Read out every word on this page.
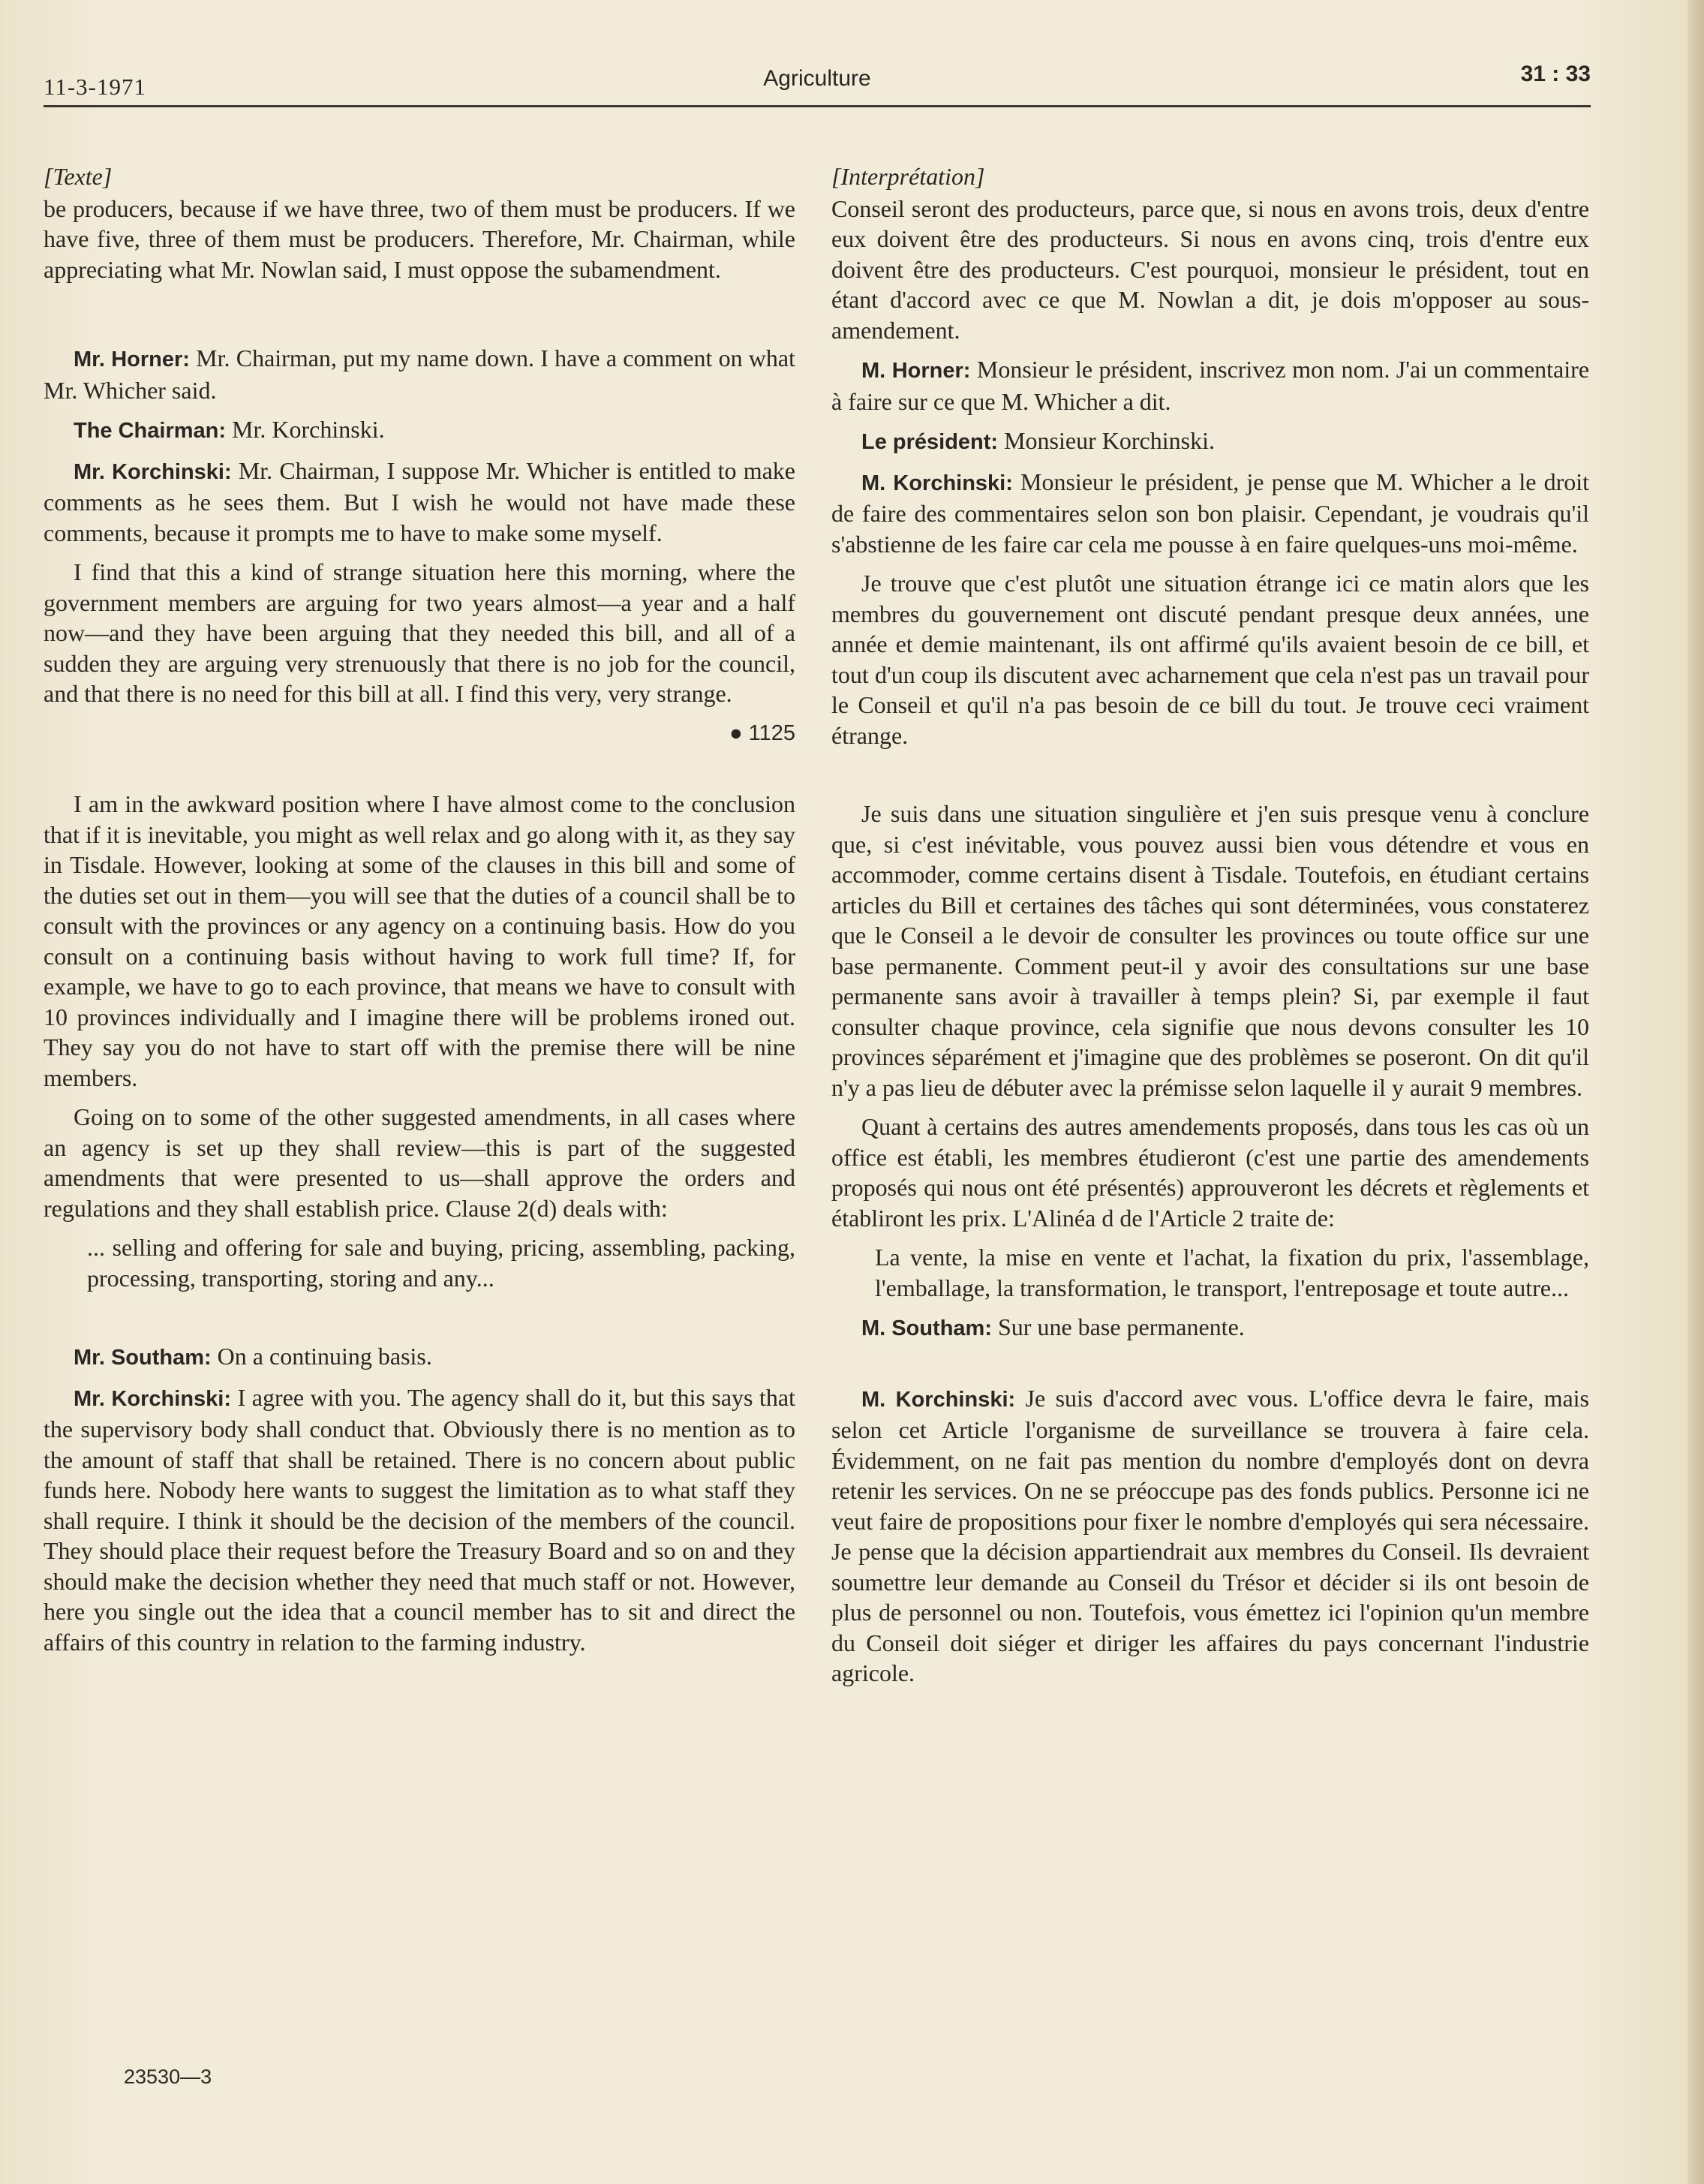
11-3-1971	Agriculture	31 : 33

[Texte]

be producers, because if we have three, two of them must be producers. If we have five, three of them must be producers. Therefore, Mr. Chairman, while appreciating what Mr. Nowlan said, I must oppose the subamendment.

Mr. Horner: Mr. Chairman, put my name down. I have a comment on what Mr. Whicher said.

The Chairman: Mr. Korchinski.

Mr. Korchinski: Mr. Chairman, I suppose Mr. Whicher is entitled to make comments as he sees them. But I wish he would not have made these comments, because it prompts me to have to make some myself.

I find that this a kind of strange situation here this morning, where the government members are arguing for two years almost—a year and a half now—and they have been arguing that they needed this bill, and all of a sudden they are arguing very strenuously that there is no job for the council, and that there is no need for this bill at all. I find this very, very strange.

● 1125

I am in the awkward position where I have almost come to the conclusion that if it is inevitable, you might as well relax and go along with it, as they say in Tisdale. However, looking at some of the clauses in this bill and some of the duties set out in them—you will see that the duties of a council shall be to consult with the provinces or any agency on a continuing basis. How do you consult on a continuing basis without having to work full time? If, for example, we have to go to each province, that means we have to consult with 10 provinces individually and I imagine there will be problems ironed out. They say you do not have to start off with the premise there will be nine members.

Going on to some of the other suggested amendments, in all cases where an agency is set up they shall review—this is part of the suggested amendments that were presented to us—shall approve the orders and regulations and they shall establish price. Clause 2(d) deals with:

... selling and offering for sale and buying, pricing, assembling, packing, processing, transporting, storing and any...

Mr. Southam: On a continuing basis.

Mr. Korchinski: I agree with you. The agency shall do it, but this says that the supervisory body shall conduct that. Obviously there is no mention as to the amount of staff that shall be retained. There is no concern about public funds here. Nobody here wants to suggest the limitation as to what staff they shall require. I think it should be the decision of the members of the council. They should place their request before the Treasury Board and so on and they should make the decision whether they need that much staff or not. However, here you single out the idea that a council member has to sit and direct the affairs of this country in relation to the farming industry.

23530—3

[Interprétation]

Conseil seront des producteurs, parce que, si nous en avons trois, deux d'entre eux doivent être des producteurs. Si nous en avons cinq, trois d'entre eux doivent être des producteurs. C'est pourquoi, monsieur le président, tout en étant d'accord avec ce que M. Nowlan a dit, je dois m'opposer au sous-amendement.

M. Horner: Monsieur le président, inscrivez mon nom. J'ai un commentaire à faire sur ce que M. Whicher a dit.

Le président: Monsieur Korchinski.

M. Korchinski: Monsieur le président, je pense que M. Whicher a le droit de faire des commentaires selon son bon plaisir. Cependant, je voudrais qu'il s'abstienne de les faire car cela me pousse à en faire quelques-uns moi-même.

Je trouve que c'est plutôt une situation étrange ici ce matin alors que les membres du gouvernement ont discuté pendant presque deux années, une année et demie maintenant, ils ont affirmé qu'ils avaient besoin de ce bill, et tout d'un coup ils discutent avec acharnement que cela n'est pas un travail pour le Conseil et qu'il n'a pas besoin de ce bill du tout. Je trouve ceci vraiment étrange.

Je suis dans une situation singulière et j'en suis presque venu à conclure que, si c'est inévitable, vous pouvez aussi bien vous détendre et vous en accommoder, comme certains disent à Tisdale. Toutefois, en étudiant certains articles du Bill et certaines des tâches qui sont déterminées, vous constaterez que le Conseil a le devoir de consulter les provinces ou toute office sur une base permanente. Comment peut-il y avoir des consultations sur une base permanente sans avoir à travailler à temps plein? Si, par exemple il faut consulter chaque province, cela signifie que nous devons consulter les 10 provinces séparément et j'imagine que des problèmes se poseront. On dit qu'il n'y a pas lieu de débuter avec la prémisse selon laquelle il y aurait 9 membres.

Quant à certains des autres amendements proposés, dans tous les cas où un office est établi, les membres étudieront (c'est une partie des amendements proposés qui nous ont été présentés) approuveront les décrets et règlements et établiront les prix. L'Alinéa d de l'Article 2 traite de:

La vente, la mise en vente et l'achat, la fixation du prix, l'assemblage, l'emballage, la transformation, le transport, l'entreposage et toute autre...

M. Southam: Sur une base permanente.

M. Korchinski: Je suis d'accord avec vous. L'office devra le faire, mais selon cet Article l'organisme de surveillance se trouvera à faire cela. Évidemment, on ne fait pas mention du nombre d'employés dont on devra retenir les services. On ne se préoccupe pas des fonds publics. Personne ici ne veut faire de propositions pour fixer le nombre d'employés qui sera nécessaire. Je pense que la décision appartiendrait aux membres du Conseil. Ils devraient soumettre leur demande au Conseil du Trésor et décider si ils ont besoin de plus de personnel ou non. Toutefois, vous émettez ici l'opinion qu'un membre du Conseil doit siéger et diriger les affaires du pays concernant l'industrie agricole.
